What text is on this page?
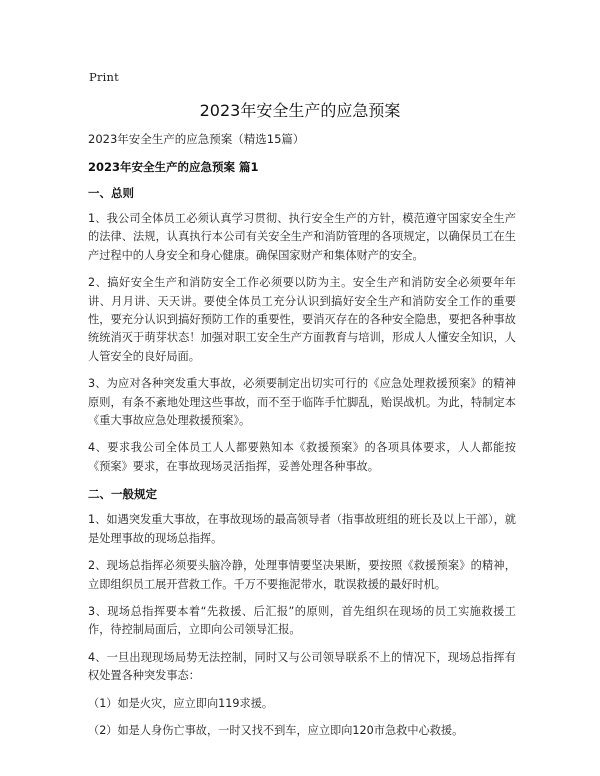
Print
2023年安全生产的应急预案

2023年安全生产的应急预案（精选15篇）

2023年安全生产的应急预案 篇1

一、总则

1、我公司全体员工必须认真学习贯彻、执行安全生产的方针，模范遵守国家安全生产的法律、法规，认真执行本公司有关安全生产和消防管理的各项规定，以确保员工在生产过程中的人身安全和身心健康。确保国家财产和集体财产的安全。

2、搞好安全生产和消防安全工作必须要以防为主。安全生产和消防安全必须要年年讲、月月讲、天天讲。要使全体员工充分认识到搞好安全生产和消防安全工作的重要性，要充分认识到搞好预防工作的重要性，要消灭存在的各种安全隐患，要把各种事故统统消灭于萌芽状态！加强对职工安全生产方面教育与培训，形成人人懂安全知识，人人管安全的良好局面。

3、为应对各种突发重大事故，必须要制定出切实可行的《应急处理救援预案》的精神原则，有条不紊地处理这些事故，而不至于临阵手忙脚乱，贻误战机。为此，特制定本《重大事故应急处理救援预案》。

4、要求我公司全体员工人人都要熟知本《救援预案》的各项具体要求，人人都能按《预案》要求，在事故现场灵活指挥，妥善处理各种事故。

二、一般规定

1、如遇突发重大事故，在事故现场的最高领导者（指事故班组的班长及以上干部），就是处理事故的现场总指挥。

2、现场总指挥必须要头脑冷静，处理事情要坚决果断，要按照《救援预案》的精神，立即组织员工展开营救工作。千万不要拖泥带水，耽误救援的最好时机。

3、现场总指挥要本着“先救援、后汇报”的原则，首先组织在现场的员工实施救援工作，待控制局面后，立即向公司领导汇报。

4、一旦出现现场局势无法控制，同时又与公司领导联系不上的情况下，现场总指挥有权处置各种突发事态：

（1）如是火灾，应立即向119求援。

（2）如是人身伤亡事故，一时又找不到车，应立即向120市急救中心救援。
